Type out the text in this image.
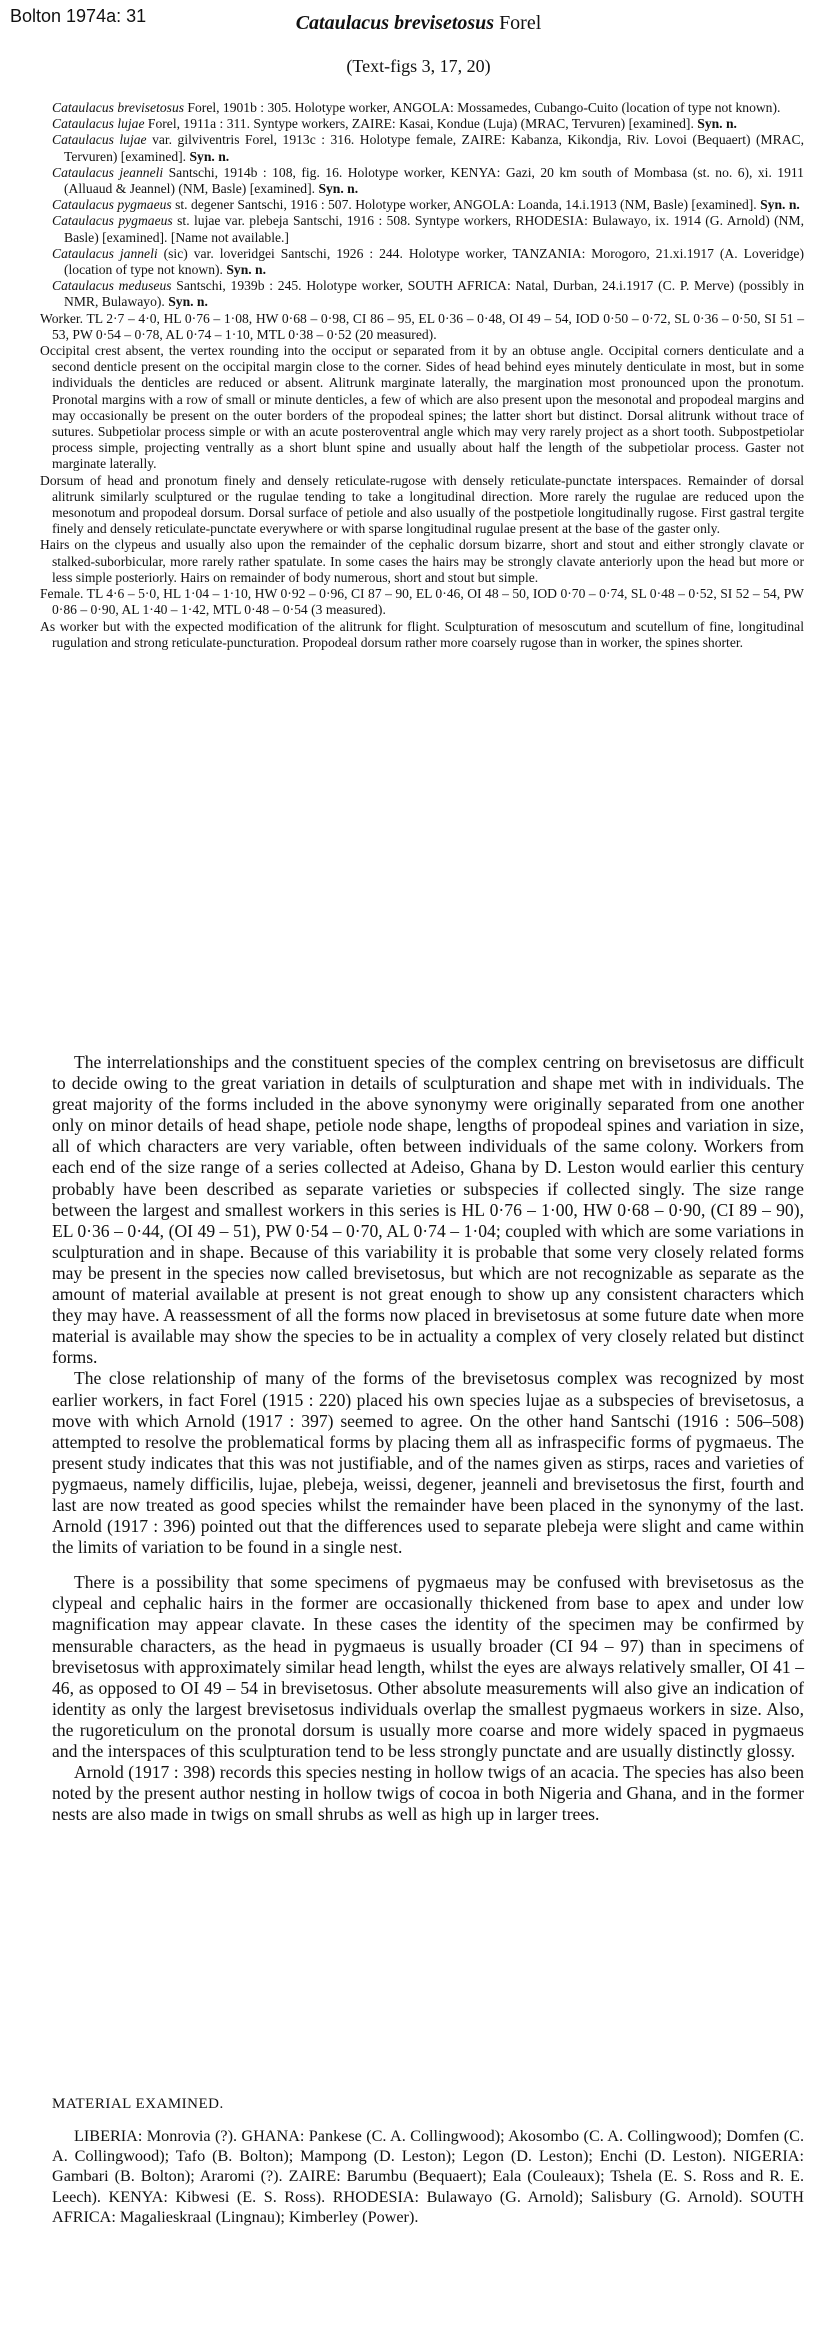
Bolton 1974a: 31	Cataulacus brevisetosus Forel
(Text-figs 3, 17, 20)

Cataulacus brevisetosus Forel, 1901b : 305. Holotype worker, ANGOLA: Mossamedes, Cubango-Cuito (location of type not known).

Cataulacus lujae Forel, 1911a : 311. Syntype workers, ZAIRE: Kasai, Kondue (Luja) (MRAC, Tervuren) [examined]. Syn. n.

Cataulacus lujae var. gilviventris Forel, 1913c : 316. Holotype female, ZAIRE: Kabanza, Kikondja, Riv. Lovoi (Bequaert) (MRAC, Tervuren) [examined]. Syn. n.

Cataulacus jeanneli Santschi, 1914b : 108, fig. 16. Holotype worker, KENYA: Gazi, 20 km south of Mombasa (st. no. 6), xi. 1911 (Alluaud & Jeannel) (NM, Basle) [examined]. Syn. n.

Cataulacus pygmaeus st. degener Santschi, 1916 : 507. Holotype worker, ANGOLA: Loanda, 14.i.1913 (NM, Basle) [examined]. Syn. n.

Cataulacus pygmaeus st. lujae var. plebeja Santschi, 1916 : 508. Syntype workers, RHODESIA: Bulawayo, ix. 1914 (G. Arnold) (NM, Basle) [examined]. [Name not available.]

Cataulacus janneli (sic) var. loveridgei Santschi, 1926 : 244. Holotype worker, TANZANIA: Morogoro, 21.xi.1917 (A. Loveridge) (location of type not known). Syn. n.

Cataulacus meduseus Santschi, 1939b : 245. Holotype worker, SOUTH AFRICA: Natal, Durban, 24.i.1917 (C. P. Merve) (possibly in NMR, Bulawayo). Syn. n.

Worker. TL 2·7 – 4·0, HL 0·76 – 1·08, HW 0·68 – 0·98, CI 86 – 95, EL 0·36 – 0·48, OI 49 – 54, IOD 0·50 – 0·72, SL 0·36 – 0·50, SI 51 – 53, PW 0·54 – 0·78, AL 0·74 – 1·10, MTL 0·38 – 0·52 (20 measured).

Occipital crest absent, the vertex rounding into the occiput or separated from it by an obtuse angle. Occipital corners denticulate and a second denticle present on the occipital margin close to the corner. Sides of head behind eyes minutely denticulate in most, but in some individuals the denticles are reduced or absent. Alitrunk marginate laterally, the margination most pronounced upon the pronotum. Pronotal margins with a row of small or minute denticles, a few of which are also present upon the mesonotal and propodeal margins and may occasionally be present on the outer borders of the propodeal spines; the latter short but distinct. Dorsal alitrunk without trace of sutures. Subpetiolar process simple or with an acute posteroventral angle which may very rarely project as a short tooth. Subpostpetiolar process simple, projecting ventrally as a short blunt spine and usually about half the length of the subpetiolar process. Gaster not marginate laterally.

Dorsum of head and pronotum finely and densely reticulate-rugose with densely reticulate-punctate interspaces. Remainder of dorsal alitrunk similarly sculptured or the rugulae tending to take a longitudinal direction. More rarely the rugulae are reduced upon the mesonotum and propodeal dorsum. Dorsal surface of petiole and also usually of the postpetiole longitudinally rugose. First gastral tergite finely and densely reticulate-punctate everywhere or with sparse longitudinal rugulae present at the base of the gaster only.

Hairs on the clypeus and usually also upon the remainder of the cephalic dorsum bizarre, short and stout and either strongly clavate or stalked-suborbicular, more rarely rather spatulate. In some cases the hairs may be strongly clavate anteriorly upon the head but more or less simple posteriorly. Hairs on remainder of body numerous, short and stout but simple.

Female. TL 4·6 – 5·0, HL 1·04 – 1·10, HW 0·92 – 0·96, CI 87 – 90, EL 0·46, OI 48 – 50, IOD 0·70 – 0·74, SL 0·48 – 0·52, SI 52 – 54, PW 0·86 – 0·90, AL 1·40 – 1·42, MTL 0·48 – 0·54 (3 measured).

As worker but with the expected modification of the alitrunk for flight. Sculpturation of mesoscutum and scutellum of fine, longitudinal rugulation and strong reticulate-puncturation. Propodeal dorsum rather more coarsely rugose than in worker, the spines shorter.

The interrelationships and the constituent species of the complex centring on brevisetosus are difficult to decide owing to the great variation in details of sculpturation and shape met with in individuals. The great majority of the forms included in the above synonymy were originally separated from one another only on minor details of head shape, petiole node shape, lengths of propodeal spines and variation in size, all of which characters are very variable, often between individuals of the same colony. Workers from each end of the size range of a series collected at Adeiso, Ghana by D. Leston would earlier this century probably have been described as separate varieties or subspecies if collected singly. The size range between the largest and smallest workers in this series is HL 0·76 – 1·00, HW 0·68 – 0·90, (CI 89 – 90), EL 0·36 – 0·44, (OI 49 – 51), PW 0·54 – 0·70, AL 0·74 – 1·04; coupled with which are some variations in sculpturation and in shape. Because of this variability it is probable that some very closely related forms may be present in the species now called brevisetosus, but which are not recognizable as separate as the amount of material available at present is not great enough to show up any consistent characters which they may have. A reassessment of all the forms now placed in brevisetosus at some future date when more material is available may show the species to be in actuality a complex of very closely related but distinct forms.

The close relationship of many of the forms of the brevisetosus complex was recognized by most earlier workers, in fact Forel (1915 : 220) placed his own species lujae as a subspecies of brevisetosus, a move with which Arnold (1917 : 397) seemed to agree. On the other hand Santschi (1916 : 506–508) attempted to resolve the problematical forms by placing them all as infraspecific forms of pygmaeus. The present study indicates that this was not justifiable, and of the names given as stirps, races and varieties of pygmaeus, namely difficilis, lujae, plebeja, weissi, degener, jeanneli and brevisetosus the first, fourth and last are now treated as good species whilst the remainder have been placed in the synonymy of the last. Arnold (1917 : 396) pointed out that the differences used to separate plebeja were slight and came within the limits of variation to be found in a single nest.

There is a possibility that some specimens of pygmaeus may be confused with brevisetosus as the clypeal and cephalic hairs in the former are occasionally thickened from base to apex and under low magnification may appear clavate. In these cases the identity of the specimen may be confirmed by mensurable characters, as the head in pygmaeus is usually broader (CI 94 – 97) than in specimens of brevisetosus with approximately similar head length, whilst the eyes are always relatively smaller, OI 41 – 46, as opposed to OI 49 – 54 in brevisetosus. Other absolute measurements will also give an indication of identity as only the largest brevisetosus individuals overlap the smallest pygmaeus workers in size. Also, the rugoreticulum on the pronotal dorsum is usually more coarse and more widely spaced in pygmaeus and the interspaces of this sculpturation tend to be less strongly punctate and are usually distinctly glossy.

Arnold (1917 : 398) records this species nesting in hollow twigs of an acacia. The species has also been noted by the present author nesting in hollow twigs of cocoa in both Nigeria and Ghana, and in the former nests are also made in twigs on small shrubs as well as high up in larger trees.

MATERIAL EXAMINED.

LIBERIA: Monrovia (?). GHANA: Pankese (C. A. Collingwood); Akosombo (C. A. Collingwood); Domfen (C. A. Collingwood); Tafo (B. Bolton); Mampong (D. Leston); Legon (D. Leston); Enchi (D. Leston). NIGERIA: Gambari (B. Bolton); Araromi (?). ZAIRE: Barumbu (Bequaert); Eala (Couleaux); Tshela (E. S. Ross and R. E. Leech). KENYA: Kibwesi (E. S. Ross). RHODESIA: Bulawayo (G. Arnold); Salisbury (G. Arnold). SOUTH AFRICA: Magalieskraal (Lingnau); Kimberley (Power).
